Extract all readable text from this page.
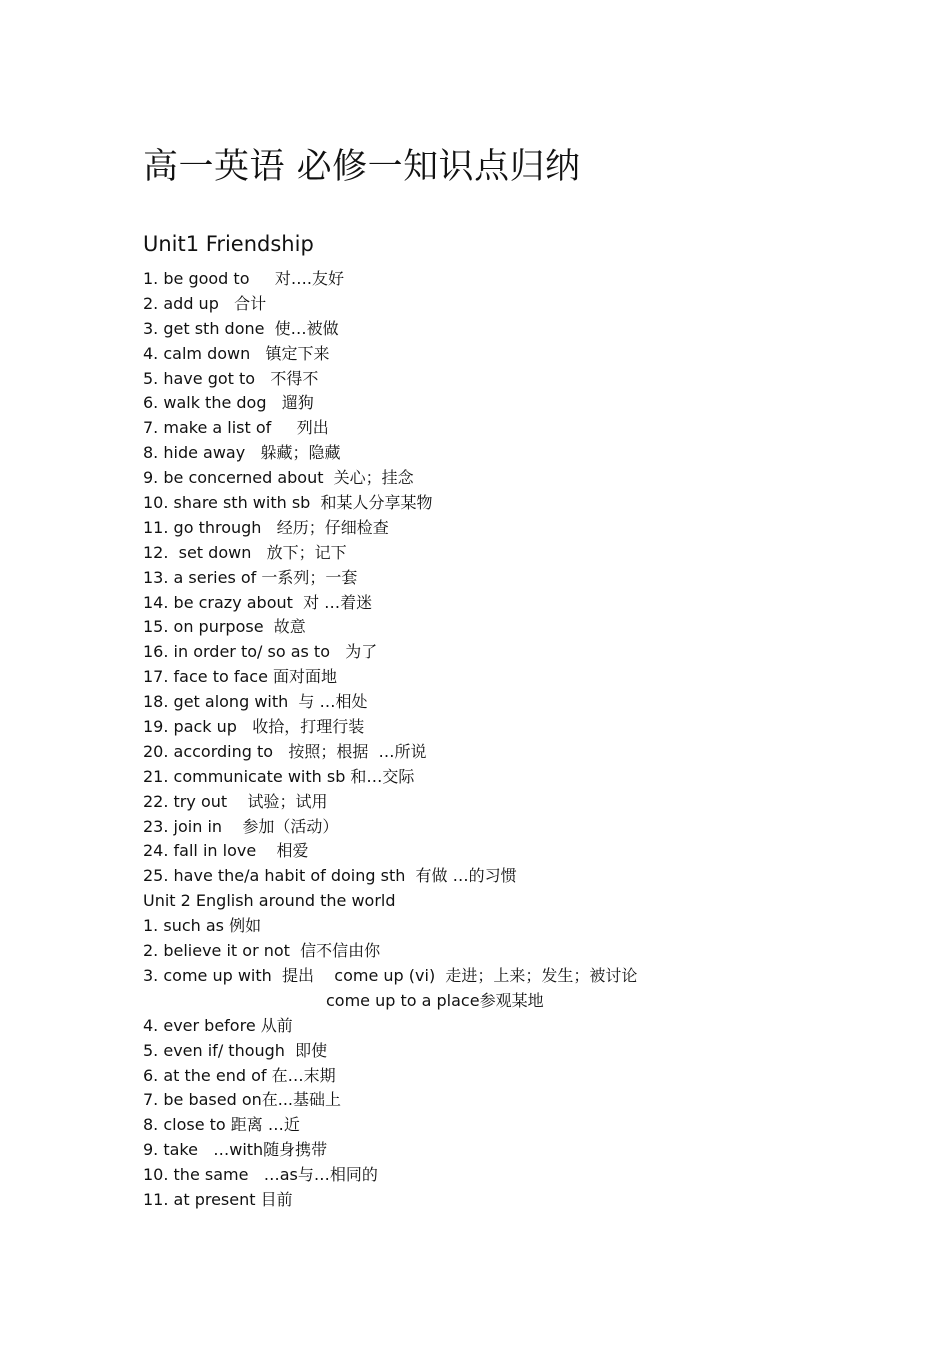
高一英语 必修一知识点归纳
Unit1 Friendship
1. be good to     对….友好
2. add up   合计
3. get sth done  使…被做
4. calm down   镇定下来
5. have got to   不得不
6. walk the dog   遛狗
7. make a list of     列出
8. hide away   躲藏；隐藏
9. be concerned about  关心；挂念
10. share sth with sb  和某人分享某物
11. go through   经历；仔细检查
12.  set down   放下；记下
13. a series of 一系列；一套
14. be crazy about  对 …着迷
15. on purpose  故意
16. in order to/ so as to   为了
17. face to face 面对面地
18. get along with  与 …相处
19. pack up   收拾，打理行装
20. according to   按照；根据  …所说
21. communicate with sb 和…交际
22. try out    试验；试用
23. join in    参加（活动）
24. fall in love    相爱
25. have the/a habit of doing sth  有做 …的习惯
Unit 2 English around the world
1. such as 例如
2. believe it or not  信不信由你
3. come up with  提出    come up (vi)  走进；上来；发生；被讨论
come up to a place参观某地
4. ever before 从前
5. even if/ though  即使
6. at the end of 在…末期
7. be based on在...基础上
8. close to 距离 …近
9. take   …with随身携带
10. the same   …as与…相同的
11. at present 目前
